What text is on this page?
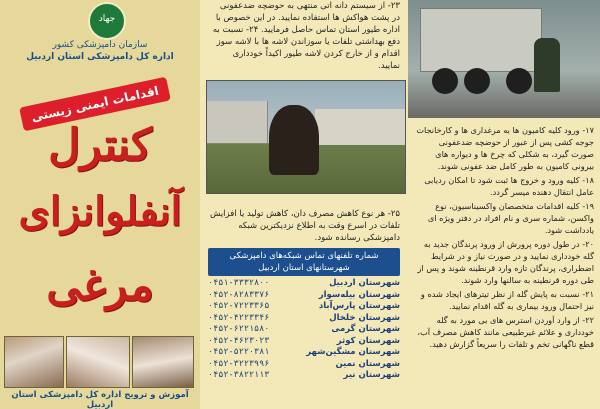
جهاد
سازمان دامپزشکی کشور
اداره کل دامپزشکی استان اردبیل
اقدامات ایمنی زیستی
کنترل
آنفلوانزای
مرغی
آموزش و ترویج اداره کل دامپزشکی استان اردبیل
۲۳- از سیستم دانه اتی منتهی به حوضچه ضدعفونی در پشت هواکش ها استفاده نمایید. در این خصوص با اداره طیور استان تماس حاصل فرمایید. ۲۴- نسبت به دفع بهداشتی تلفات یا سوزاندن لاشه ها با لاشه سوز اقدام و از خارج کردن لاشه طیور اکیداً خودداری نمایید.
۲۵- هر نوع کاهش مصرف دان، کاهش تولید یا افزایش تلفات در اسرع وقت به اطلاع نزدیکترین شبکه دامپزشکی رسانده شود.
شماره تلفنهای تماس شبکه‌های دامپزشکی شهرستانهای استان اردبیل
۰۴۵۱-۳۳۳۲۸۰۰	شهرستان اردبیل
۰۴۵۲-۸۲۸۳۳۷۶	شهرستان بیله‌سوار
۰۴۵۲-۷۲۲۳۳۶۵	شهرستان پارس‌آباد
۰۴۵۲-۴۲۲۳۳۴۶	شهرستان خلخال
۰۴۵۲-۶۲۲۱۵۸۰	شهرستان گرمی
۰۴۵۲-۴۶۲۳۰۲۳	شهرستان کوثر
۰۴۵۲-۵۲۲۰۳۸۱	شهرستان مشگین‌شهر
۰۴۵۲-۳۲۲۳۹۹۶	شهرستان نمین
۰۴۵۲-۳۸۲۲۱۱۳	شهرستان نیر

۱۷- ورود کلیه کامیون ها به مرغداری ها و کارخانجات جوجه کشی پس از عبور از حوضچه ضدعفونی صورت گیرد، به شکلی که چرخ ها و دیواره های بیرونی کامیون به طور کامل ضد عفونی شوند.

۱۸- کلیه ورود و خروج ها ثبت شود تا امکان ردیابی عامل انتقال دهنده میسر گردد.

۱۹- کلیه اقدامات متخصصان واکسیناسیون، نوع واکسن، شماره سری و نام افراد در دفتر ویژه ای یادداشت شود.

۲۰- در طول دوره پرورش از ورود پرندگان جدید به گله خودداری نمایید و در صورت نیاز و در شرایط اضطراری، پرندگان تازه وارد قرنطینه شوند و پس از طی دوره قرنطینه به سالنها وارد شوند.

۲۱- نسبت به پایش گله از نظر تیترهای ایجاد شده و نیز احتمال ورود بیماری به گله اقدام نمایید.

۲۲- از وارد آوردن استرس های بی مورد به گله خودداری و علائم غیرطبیعی مانند کاهش مصرف آب، قطع ناگهانی تخم و تلفات را سریعاً گزارش دهید.
